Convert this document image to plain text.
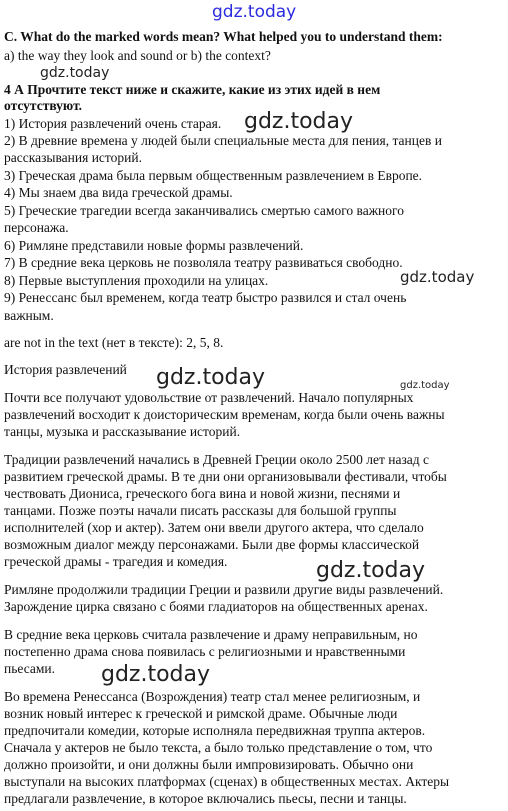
C. What do the marked words mean? What helped you to understand them:
a) the way they look and sound or b) the context?
4 А Прочтите текст ниже и скажите, какие из этих идей в нем
отсутствуют.
1) История развлечений очень старая.
2) В древние времена у людей были специальные места для пения, танцев и
рассказывания историй.
3) Греческая драма была первым общественным развлечением в Европе.
4) Мы знаем два вида греческой драмы.
5) Греческие трагедии всегда заканчивались смертью самого важного
персонажа.
6) Римляне представили новые формы развлечений.
7) В средние века церковь не позволяла театру развиваться свободно.
8) Первые выступления проходили на улицах.
9) Ренессанс был временем, когда театр быстро развился и стал очень
важным.
are not in the text (нет в тексте): 2, 5, 8.
История развлечений
Почти все получают удовольствие от развлечений. Начало популярных
развлечений восходит к доисторическим временам, когда были очень важны
танцы, музыка и рассказывание историй.
Традиции развлечений начались в Древней Греции около 2500 лет назад с
развитием греческой драмы. В те дни они организовывали фестивали, чтобы
чествовать Диониса, греческого бога вина и новой жизни, песнями и
танцами. Позже поэты начали писать рассказы для большой группы
исполнителей (хор и актер). Затем они ввели другого актера, что сделало
возможным диалог между персонажами. Были две формы классической
греческой драмы - трагедия и комедия.
Римляне продолжили традиции Греции и развили другие виды развлечений.
Зарождение цирка связано с боями гладиаторов на общественных аренах.
В средние века церковь считала развлечение и драму неправильным, но
постепенно драма снова появилась с религиозными и нравственными
пьесами.
Во времена Ренессанса (Возрождения) театр стал менее религиозным, и
возник новый интерес к греческой и римской драме. Обычные люди
предпочитали комедии, которые исполняла передвижная труппа актеров.
Сначала у актеров не было текста, а было только представление о том, что
должно произойти, и они должны были импровизировать. Обычно они
выступали на высоких платформах (сценах) в общественных местах. Актеры
предлагали развлечение, в которое включались пьесы, песни и танцы.
gdz.today
gdz.today
gdz.today
gdz.today
gdz.today	gdz.today
gdz.today
gdz.today
